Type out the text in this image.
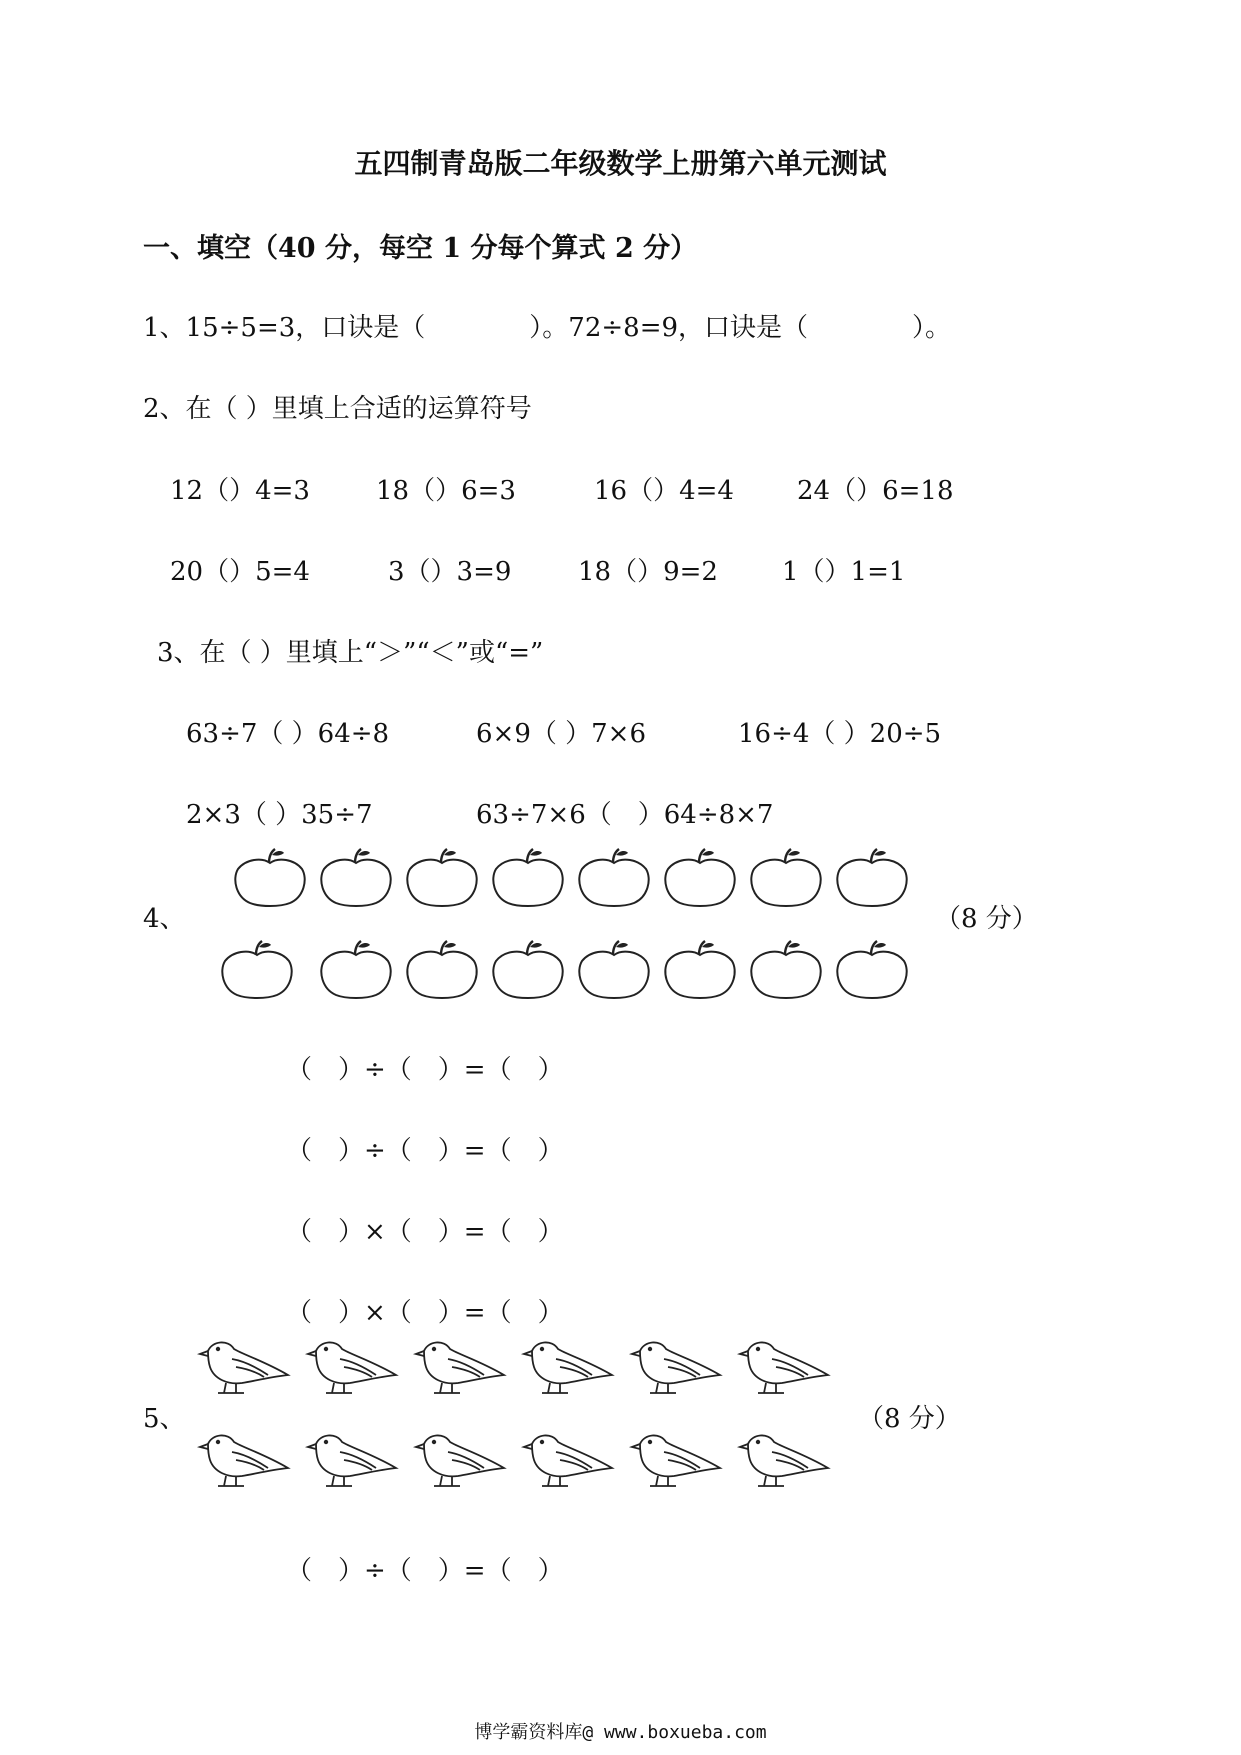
五四制青岛版二年级数学上册第六单元测试
一、填空（40 分，每空 1 分每个算式 2 分）
1、15÷5=3，口诀是（　　　　）。72÷8=9，口诀是（　　　　）。
2、在（ ）里填上合适的运算符号
12（）4=3	18（）6=3	16（）4=4 24（）6=18
20（）5=4	3（）3=9	18（）9=2 1（）1=1
3、在（ ）里填上“＞”“＜”或“=”
63÷7（ ）64÷8	6×9（ ）7×6	16÷4（ ）20÷5
2×3（ ）35÷7	63÷7×6（　）64÷8×7
4、	（8 分）
（　）÷（　）=（　）
（　）÷（　）=（　）
（　）×（　）=（　）
（　）×（　）=（　）
5、	（8 分）
（　）÷（　）=（　）
博学霸资料库@ www.boxueba.com
